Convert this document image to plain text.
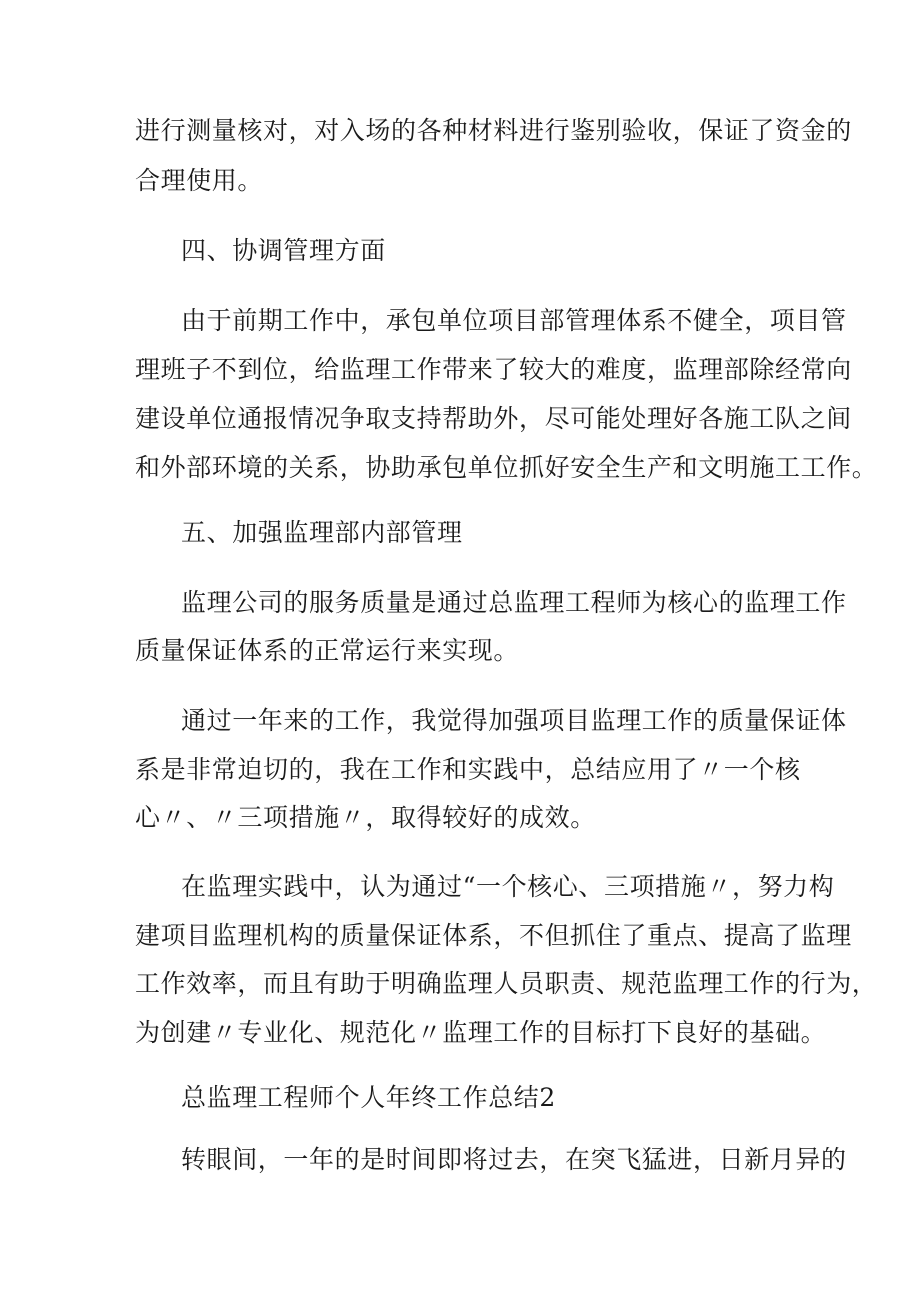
进行测量核对，对入场的各种材料进行鉴别验收，保证了资金的

合理使用。

四、协调管理方面

由于前期工作中，承包单位项目部管理体系不健全，项目管

理班子不到位，给监理工作带来了较大的难度，监理部除经常向

建设单位通报情况争取支持帮助外，尽可能处理好各施工队之间

和外部环境的关系，协助承包单位抓好安全生产和文明施工工作。

五、加强监理部内部管理

监理公司的服务质量是通过总监理工程师为核心的监理工作

质量保证体系的正常运行来实现。

通过一年来的工作，我觉得加强项目监理工作的质量保证体

系是非常迫切的，我在工作和实践中，总结应用了〃一个核

心〃、〃三项措施〃，取得较好的成效。

在监理实践中，认为通过“一个核心、三项措施〃，努力构

建项目监理机构的质量保证体系，不但抓住了重点、提高了监理

工作效率，而且有助于明确监理人员职责、规范监理工作的行为，

为创建〃专业化、规范化〃监理工作的目标打下良好的基础。

总监理工程师个人年终工作总结2

转眼间，一年的是时间即将过去，在突飞猛进，日新月异的
